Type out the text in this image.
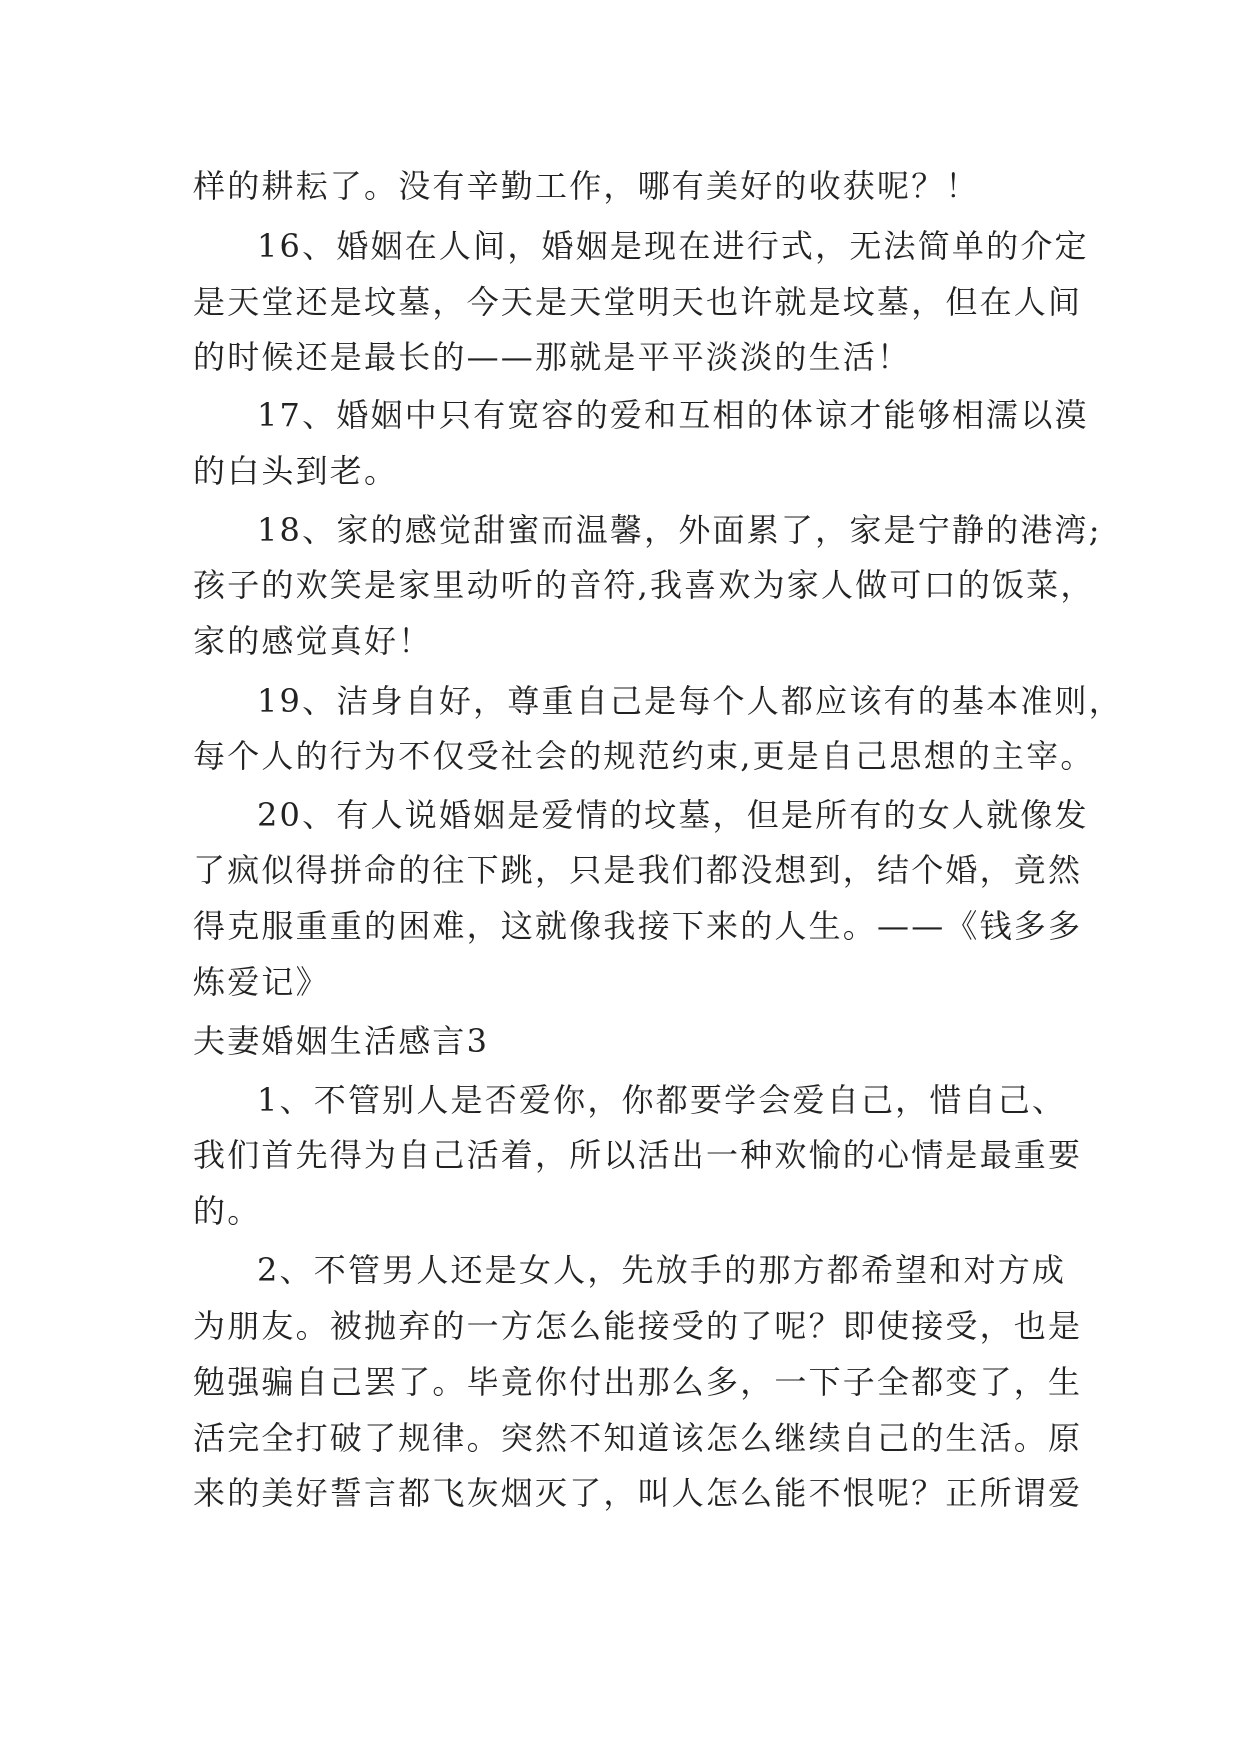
样的耕耘了。没有辛勤工作，哪有美好的收获呢？！
16、婚姻在人间，婚姻是现在进行式，无法简单的介定
是天堂还是坟墓，今天是天堂明天也许就是坟墓，但在人间
的时候还是最长的——那就是平平淡淡的生活！
17、婚姻中只有宽容的爱和互相的体谅才能够相濡以漠
的白头到老。
18、家的感觉甜蜜而温馨，外面累了，家是宁静的港湾;
孩子的欢笑是家里动听的音符,我喜欢为家人做可口的饭菜，
家的感觉真好！
19、洁身自好，尊重自己是每个人都应该有的基本准则，
每个人的行为不仅受社会的规范约束,更是自己思想的主宰。
20、有人说婚姻是爱情的坟墓，但是所有的女人就像发
了疯似得拼命的往下跳，只是我们都没想到，结个婚，竟然
得克服重重的困难，这就像我接下来的人生。——《钱多多
炼爱记》
夫妻婚姻生活感言3
1、不管别人是否爱你，你都要学会爱自己，惜自己、
我们首先得为自己活着，所以活出一种欢愉的心情是最重要
的。
2、不管男人还是女人，先放手的那方都希望和对方成
为朋友。被抛弃的一方怎么能接受的了呢？即使接受，也是
勉强骗自己罢了。毕竟你付出那么多，一下子全都变了，生
活完全打破了规律。突然不知道该怎么继续自己的生活。原
来的美好誓言都飞灰烟灭了，叫人怎么能不恨呢？正所谓爱
